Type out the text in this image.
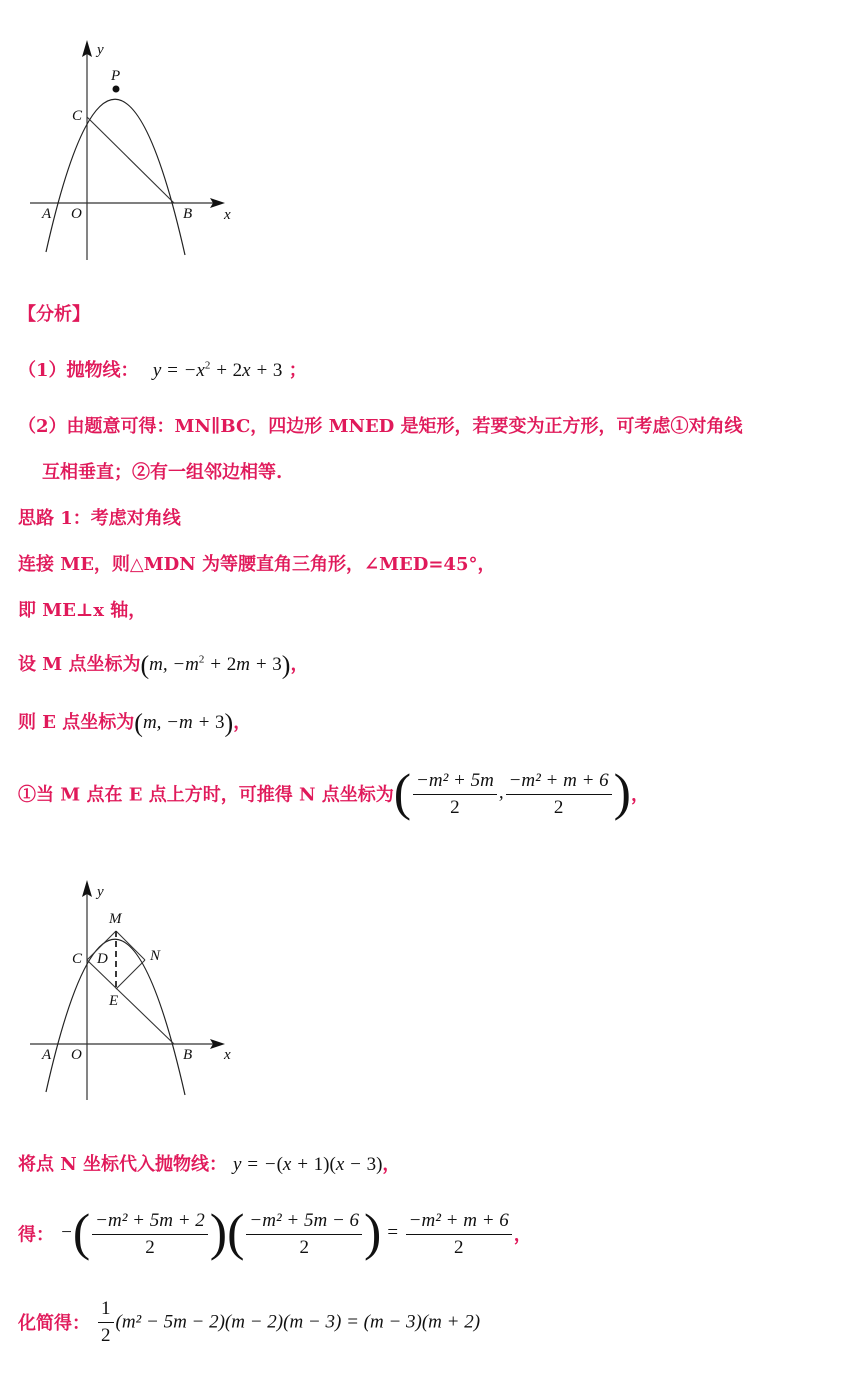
y
x
P
C
A O	B
【分析】
（1）抛物线： $y = -x^2 + 2x + 3$ ；
（2）由题意可得：MN∥BC，四边形 MNED 是矩形，若要变为正方形，可考虑①对角线
互相垂直；②有一组邻边相等.
思路 1：考虑对角线
连接 ME，则△MDN 为等腰直角三角形，∠MED=45°，
即 ME⊥x 轴，
设 M 点坐标为(m, $-m^2 + 2m + 3$)，
则 E 点坐标为(m, −m + 3)，
①当 M 点在 E 点上方时，可推得 N 点坐标为( $\frac{\text{−m² + 5m}}{2}$ , $\frac{\text{−m² + m + 6}}{2}$ )，
y
x
M
C D	N
E
A O	B
将点 N 坐标代入抛物线： y = −(x + 1)(x − 3)，
得： −( $\frac{\text{−m² + 5m + 2}}{2}$ )( $\frac{\text{−m² + 5m − 6}}{2}$ ) = $\frac{\text{−m² + m + 6}}{2}$ ，
化简得： $\frac{1}{2} (m^2 - 5m - 2)(m - 2)(m - 3) = (m - 3)(m + 2)$
